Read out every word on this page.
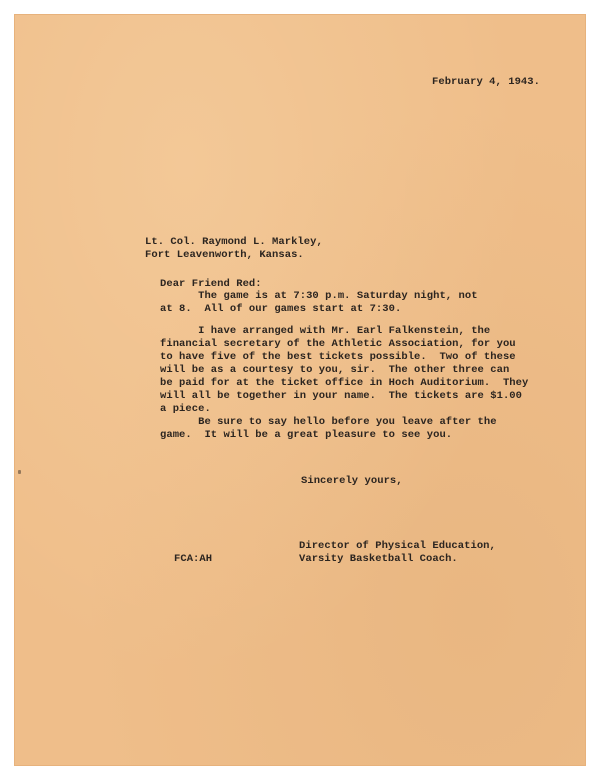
February 4, 1943.
Lt. Col. Raymond L. Markley,
Fort Leavenworth, Kansas.
Dear Friend Red:
The game is at 7:30 p.m. Saturday night, not
at 8.  All of our games start at 7:30.
I have arranged with Mr. Earl Falkenstein, the
financial secretary of the Athletic Association, for you
to have five of the best tickets possible.  Two of these
will be as a courtesy to you, sir.  The other three can
be paid for at the ticket office in Hoch Auditorium.  They
will all be together in your name.  The tickets are $1.00
a piece.
Be sure to say hello before you leave after the
game.  It will be a great pleasure to see you.
Sincerely yours,
Director of Physical Education,
Varsity Basketball Coach.
FCA:AH
